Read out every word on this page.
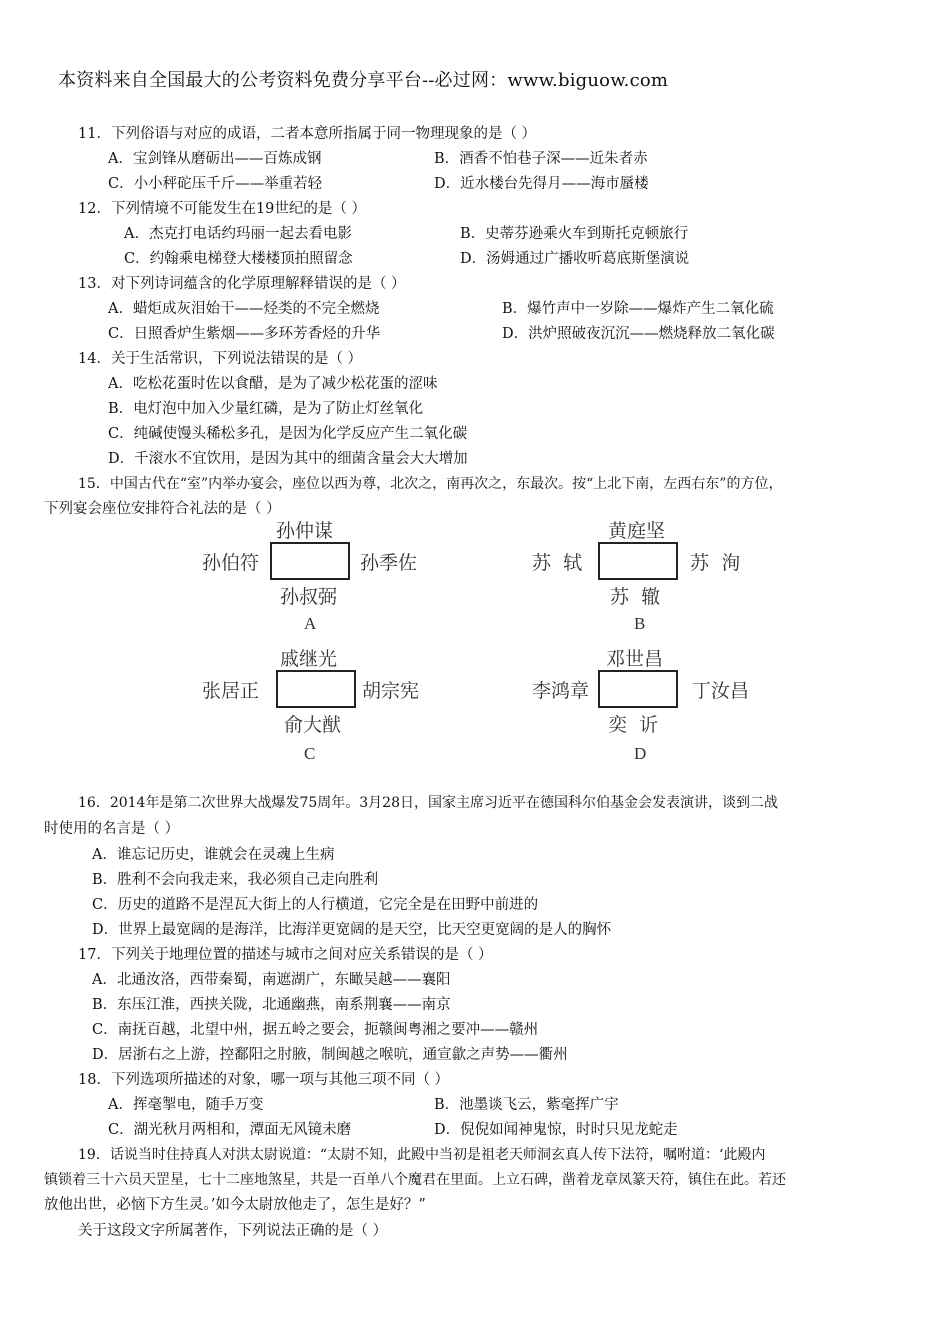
本资料来自全国最大的公考资料免费分享平台--必过网：www.biguow.com
11．下列俗语与对应的成语，二者本意所指属于同一物理现象的是（ ）
A．宝剑锋从磨砺出——百炼成钢	B．酒香不怕巷子深——近朱者赤
C．小小秤砣压千斤——举重若轻	D．近水楼台先得月——海市蜃楼
12．下列情境不可能发生在19世纪的是（ ）
A．杰克打电话约玛丽一起去看电影	B．史蒂芬逊乘火车到斯托克顿旅行
C．约翰乘电梯登大楼楼顶拍照留念	D．汤姆通过广播收听葛底斯堡演说
13．对下列诗词蕴含的化学原理解释错误的是（ ）
A．蜡炬成灰泪始干——烃类的不完全燃烧	B．爆竹声中一岁除——爆炸产生二氧化硫
C．日照香炉生紫烟——多环芳香烃的升华	D．洪炉照破夜沉沉——燃烧释放二氧化碳
14．关于生活常识，下列说法错误的是（ ）
A．吃松花蛋时佐以食醋，是为了减少松花蛋的涩味
B．电灯泡中加入少量红磷，是为了防止灯丝氧化
C．纯碱使馒头稀松多孔，是因为化学反应产生二氧化碳
D．千滚水不宜饮用，是因为其中的细菌含量会大大增加
15．中国古代在“室”内举办宴会，座位以西为尊，北次之，南再次之，东最次。按“上北下南，左西右东”的方位，
下列宴会座位安排符合礼法的是（ ）
孙仲谋
孙伯符	孙季佐
孙叔弼
A
黄庭坚
苏  轼	苏  洵
苏  辙
B
戚继光
张居正	胡宗宪
俞大猷
C
邓世昌
李鸿章	丁汝昌
奕  䜣
D
16．2014年是第二次世界大战爆发75周年。3月28日，国家主席习近平在德国科尔伯基金会发表演讲，谈到二战
时使用的名言是（ ）
A．谁忘记历史，谁就会在灵魂上生病
B．胜利不会向我走来，我必须自己走向胜利
C．历史的道路不是涅瓦大街上的人行横道，它完全是在田野中前进的
D．世界上最宽阔的是海洋，比海洋更宽阔的是天空，比天空更宽阔的是人的胸怀
17．下列关于地理位置的描述与城市之间对应关系错误的是（ ）
A．北通汝洛，西带秦蜀，南遮湖广，东瞰吴越——襄阳
B．东压江淮，西挟关陇，北通幽燕，南系荆襄——南京
C．南抚百越，北望中州，据五岭之要会，扼赣闽粤湘之要冲——赣州
D．居浙右之上游，控鄱阳之肘腋，制闽越之喉吭，通宣歙之声势——衢州
18．下列选项所描述的对象，哪一项与其他三项不同（ ）
A．挥毫掣电，随手万变	B．池墨谈飞云，紫毫挥广宇
C．湖光秋月两相和，潭面无风镜未磨	D．倪倪如闻神鬼惊，时时只见龙蛇走
19．话说当时住持真人对洪太尉说道：“太尉不知，此殿中当初是祖老天师洞玄真人传下法符，嘱咐道：‘此殿内
镇锁着三十六员天罡星，七十二座地煞星，共是一百单八个魔君在里面。上立石碑，凿着龙章凤篆天符，镇住在此。若还
放他出世，必恼下方生灵。’如今太尉放他走了，怎生是好？”
关于这段文字所属著作，下列说法正确的是（ ）
